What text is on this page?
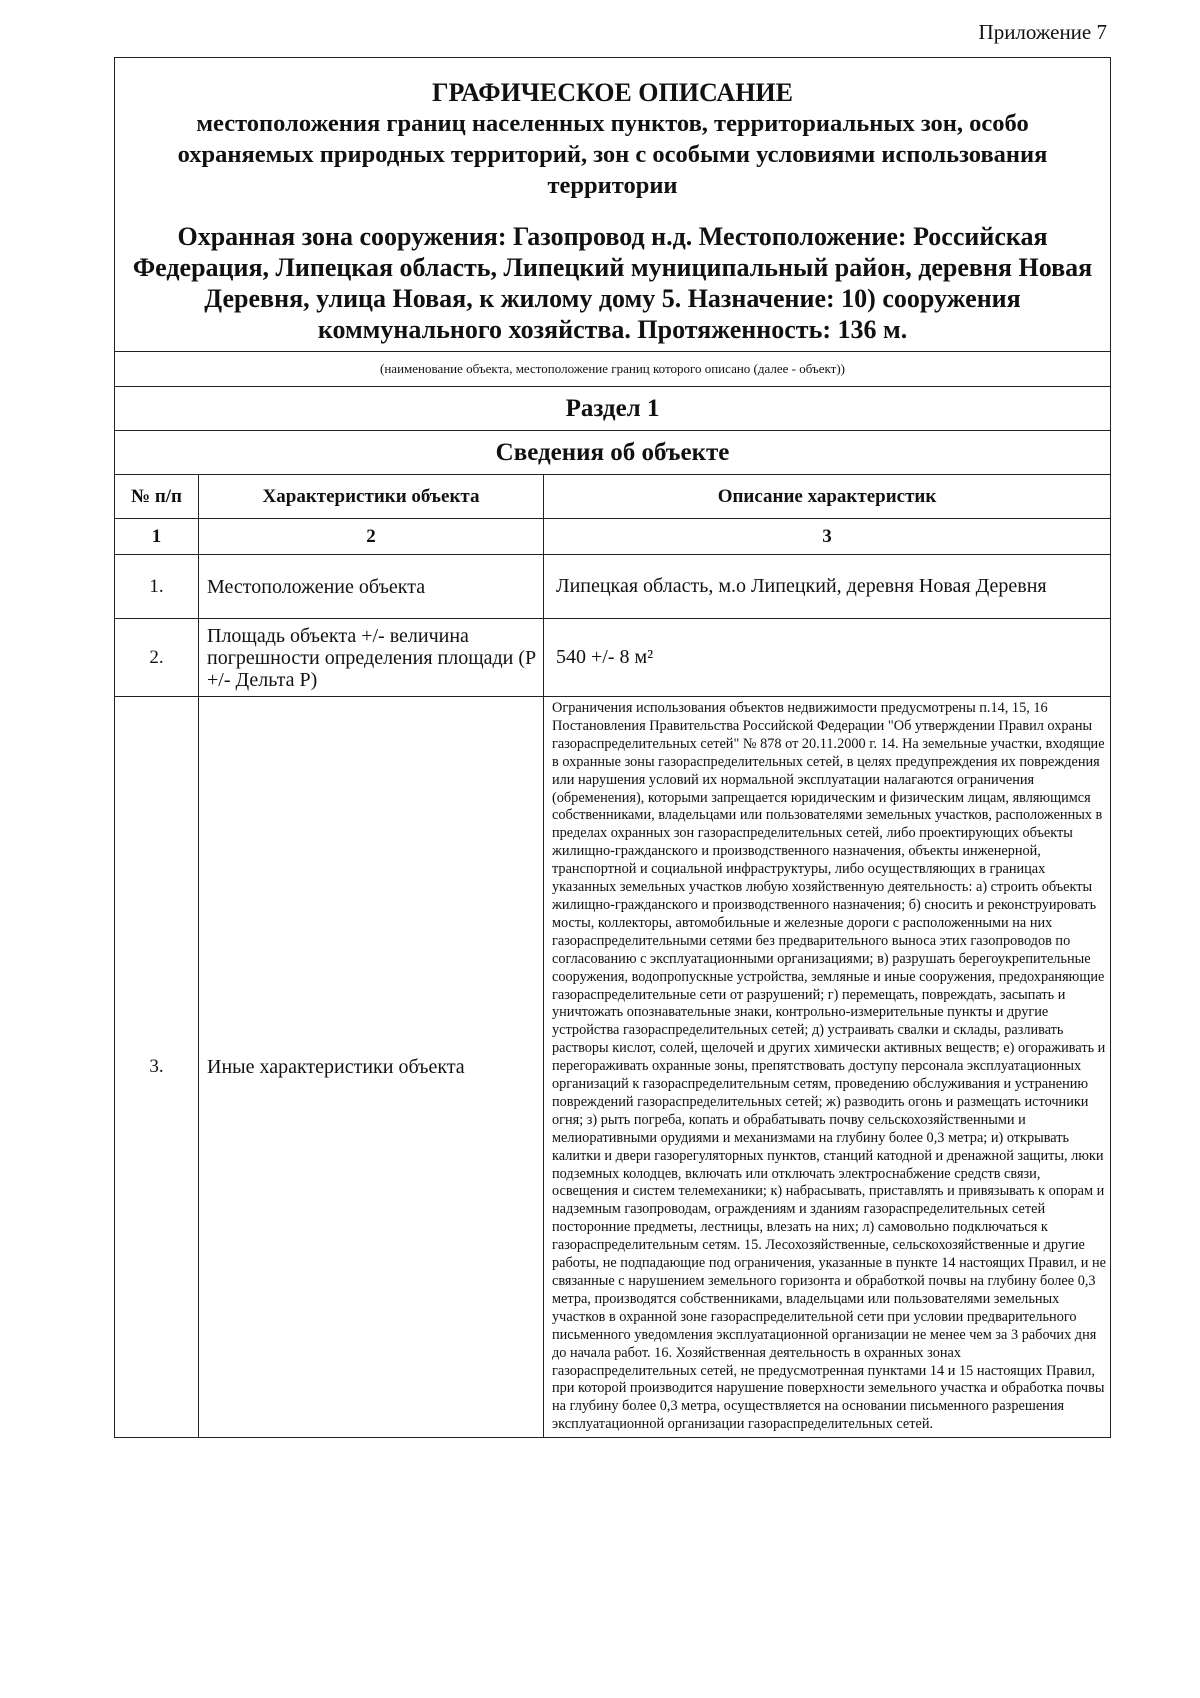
Приложение 7
ГРАФИЧЕСКОЕ ОПИСАНИЕ
местоположения границ населенных пунктов, территориальных зон, особо охраняемых природных территорий, зон с особыми условиями использования территории
Охранная зона сооружения: Газопровод н.д. Местоположение: Российская Федерация, Липецкая область, Липецкий муниципальный район, деревня Новая Деревня, улица Новая, к жилому дому 5. Назначение: 10) сооружения коммунального хозяйства. Протяженность: 136 м.		

(наименование объекта, местоположение границ которого описано (далее - объект))		
Раздел 1		
Сведения об объекте		
№ п/п	Характеристики объекта	Описание характеристик
1	2	3
1.	Местоположение объекта	Липецкая область, м.о Липецкий, деревня Новая Деревня
2.	Площадь объекта +/- величина погрешности определения площади (Р +/- Дельта Р)	540 +/- 8 м²
3.	Иные характеристики объекта	Ограничения использования объектов недвижимости предусмотрены п.14, 15, 16 Постановления Правительства Российской Федерации "Об утверждении Правил охраны газораспределительных сетей" № 878 от 20.11.2000 г. 14. На земельные участки, входящие в охранные зоны газораспределительных сетей, в целях предупреждения их повреждения или нарушения условий их нормальной эксплуатации налагаются ограничения (обременения), которыми запрещается юридическим и физическим лицам, являющимся собственниками, владельцами или пользователями земельных участков, расположенных в пределах охранных зон газораспределительных сетей, либо проектирующих объекты жилищно-гражданского и производственного назначения, объекты инженерной, транспортной и социальной инфраструктуры, либо осуществляющих в границах указанных земельных участков любую хозяйственную деятельность: а) строить объекты жилищно-гражданского и производственного назначения; б) сносить и реконструировать мосты, коллекторы, автомобильные и железные дороги с расположенными на них газораспределительными сетями без предварительного выноса этих газопроводов по согласованию с эксплуатационными организациями; в) разрушать берегоукрепительные сооружения, водопропускные устройства, земляные и иные сооружения, предохраняющие газораспределительные сети от разрушений; г) перемещать, повреждать, засыпать и уничтожать опознавательные знаки, контрольно-измерительные пункты и другие устройства газораспределительных сетей; д) устраивать свалки и склады, разливать растворы кислот, солей, щелочей и других химически активных веществ; е) огораживать и перегораживать охранные зоны, препятствовать доступу персонала эксплуатационных организаций к газораспределительным сетям, проведению обслуживания и устранению повреждений газораспределительных сетей; ж) разводить огонь и размещать источники огня; з) рыть погреба, копать и обрабатывать почву сельскохозяйственными и мелиоративными орудиями и механизмами на глубину более 0,3 метра; и) открывать калитки и двери газорегуляторных пунктов, станций катодной и дренажной защиты, люки подземных колодцев, включать или отключать электроснабжение средств связи, освещения и систем телемеханики; к) набрасывать, приставлять и привязывать к опорам и надземным газопроводам, ограждениям и зданиям газораспределительных сетей посторонние предметы, лестницы, влезать на них; л) самовольно подключаться к газораспределительным сетям. 15. Лесохозяйственные, сельскохозяйственные и другие работы, не подпадающие под ограничения, указанные в пункте 14 настоящих Правил, и не связанные с нарушением земельного горизонта и обработкой почвы на глубину более 0,3 метра, производятся собственниками, владельцами или пользователями земельных участков в охранной зоне газораспределительной сети при условии предварительного письменного уведомления эксплуатационной организации не менее чем за 3 рабочих дня до начала работ. 16. Хозяйственная деятельность в охранных зонах газораспределительных сетей, не предусмотренная пунктами 14 и 15 настоящих Правил, при которой производится нарушение поверхности земельного участка и обработка почвы на глубину более 0,3 метра, осуществляется на основании письменного разрешения эксплуатационной организации газораспределительных сетей.
